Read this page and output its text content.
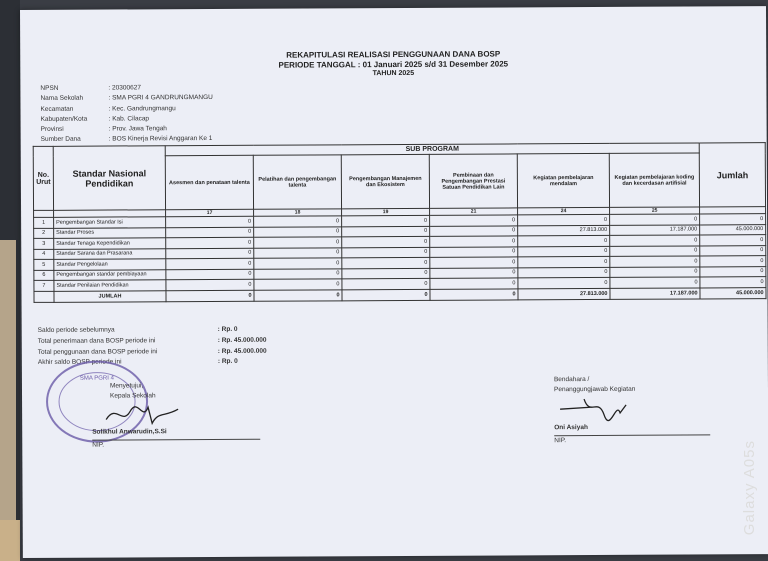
REKAPITULASI REALISASI PENGGUNAAN DANA BOSP
PERIODE TANGGAL : 01 Januari 2025 s/d 31 Desember 2025
TAHUN 2025
NPSN	: 20300627
Nama Sekolah	: SMA PGRI 4 GANDRUNGMANGU
Kecamatan	: Kec. Gandrungmangu
Kabupaten/Kota	: Kab. Cilacap
Provinsi	: Prov. Jawa Tengah
Sumber Dana	: BOS Kinerja Revisi Anggaran Ke 1
No. Urut	Standar Nasional Pendidikan	SUB PROGRAM						Jumlah
		Asesmen dan penataan talenta	Pelatihan dan pengembangan talenta	Pengembangan Manajemen dan Ekosistem	Pembinaan dan Pengembangan Prestasi Satuan Pendidikan Lain	Kegiatan pembelajaran mendalam	Kegiatan pembelajaran koding dan kecerdasan artifisial	
		17	18	19	21	24	25	
1	Pengembangan Standar Isi	0	0	0	0	0	0	0
2	Standar Proses	0	0	0	0	27.813.000	17.187.000	45.000.000
3	Standar Tenaga Kependidikan	0	0	0	0	0	0	0
4	Standar Sarana dan Prasarana	0	0	0	0	0	0	0
5	Standar Pengelolaan	0	0	0	0	0	0	0
6	Pengembangan standar pembiayaan	0	0	0	0	0	0	0
7	Standar Penilaian Pendidikan	0	0	0	0	0	0	0
	JUMLAH	0	0	0	0	27.813.000	17.187.000	45.000.000
Saldo periode sebelumnya	: Rp. 0
Total penerimaan dana BOSP periode ini	: Rp. 45.000.000
Total penggunaan dana BOSP periode ini	: Rp. 45.000.000
Akhir saldo BOSP periode ini	: Rp. 0
SMA PGRI 4
Menyetujui,
Kepala Sekolah
Solikhul Anwarudin,S.Si
NIP.
Bendahara /
Penanggungjawab Kegiatan
Oni Asiyah
NIP.	Galaxy A05s
